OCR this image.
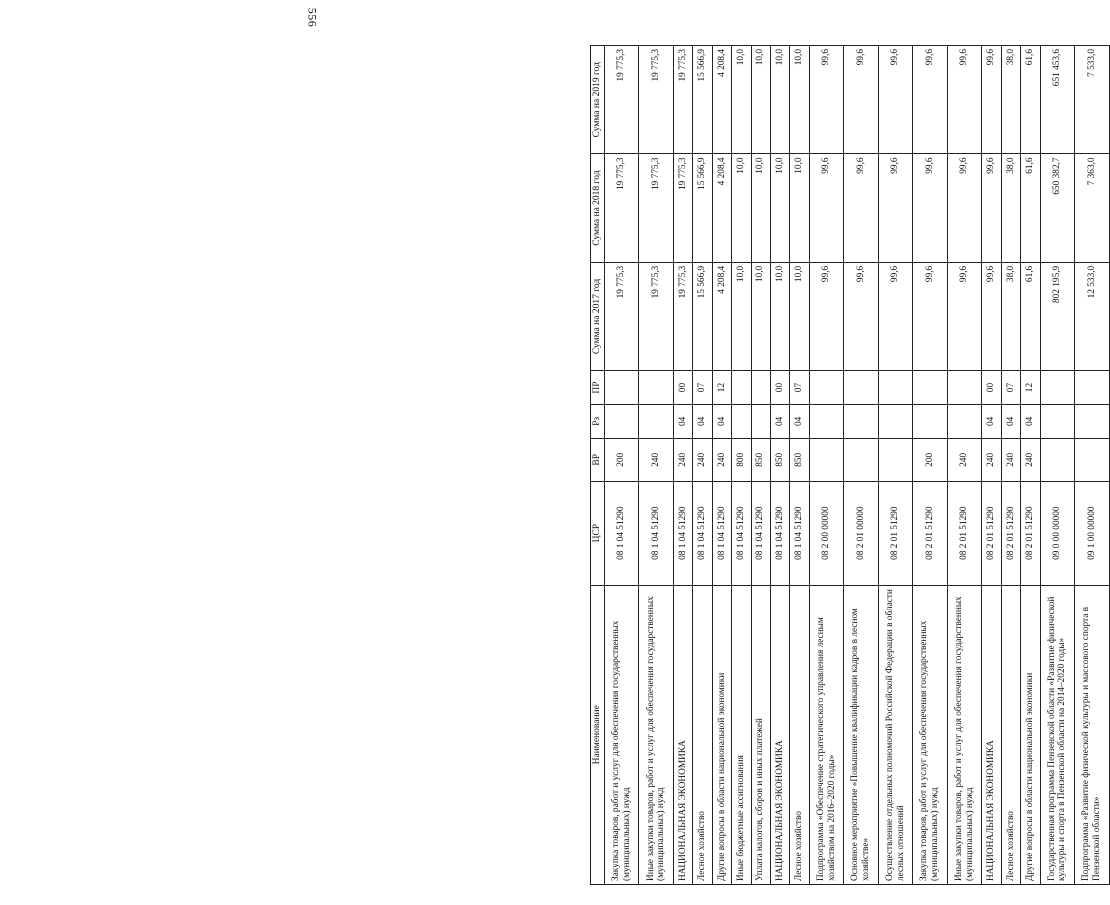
556
Наименование	ЦСР	ВР	Рз	ПР	Сумма на 2017 год	Сумма на 2018 год	Сумма на 2019 год
Закупка товаров, работ и услуг для обеспечения государственных (муниципальных) нужд	08 1 04 51290	200			19 775,3	19 775,3	19 775,3
Иные закупки товаров, работ и услуг для обеспечения государственных (муниципальных) нужд	08 1 04 51290	240			19 775,3	19 775,3	19 775,3
НАЦИОНАЛЬНАЯ ЭКОНОМИКА	08 1 04 51290	240	04	00	19 775,3	19 775,3	19 775,3
Лесное хозяйство	08 1 04 51290	240	04	07	15 566,9	15 566,9	15 566,9
Другие вопросы в области национальной экономики	08 1 04 51290	240	04	12	4 208,4	4 208,4	4 208,4
Иные бюджетные ассигнования	08 1 04 51290	800			10,0	10,0	10,0
Уплата налогов, сборов и иных платежей	08 1 04 51290	850			10,0	10,0	10,0
НАЦИОНАЛЬНАЯ ЭКОНОМИКА	08 1 04 51290	850	04	00	10,0	10,0	10,0
Лесное хозяйство	08 1 04 51290	850	04	07	10,0	10,0	10,0
Подпрограмма «Обеспечение стратегического управления лесным хозяйством на 2016–2020 годы»	08 2 00 00000				99,6	99,6	99,6
Основное мероприятие «Повышение квалификации кадров в лесном хозяйстве»	08 2 01 00000				99,6	99,6	99,6
Осуществление отдельных полномочий Российской Федерации в области лесных отношений	08 2 01 51290				99,6	99,6	99,6
Закупка товаров, работ и услуг для обеспечения государственных (муниципальных) нужд	08 2 01 51290	200			99,6	99,6	99,6
Иные закупки товаров, работ и услуг для обеспечения государственных (муниципальных) нужд	08 2 01 51290	240			99,6	99,6	99,6
НАЦИОНАЛЬНАЯ ЭКОНОМИКА	08 2 01 51290	240	04	00	99,6	99,6	99,6
Лесное хозяйство	08 2 01 51290	240	04	07	38,0	38,0	38,0
Другие вопросы в области национальной экономики	08 2 01 51290	240	04	12	61,6	61,6	61,6
Государственная программа Пензенской области «Развитие физической культуры и спорта в Пензенской области на 2014–2020 годы»	09 0 00 00000				802 195,9	650 382,7	651 453,6
Подпрограмма «Развитие физической культуры и массового спорта в Пензенской области»	09 1 00 00000				12 533,0	7 363,0	7 533,0
